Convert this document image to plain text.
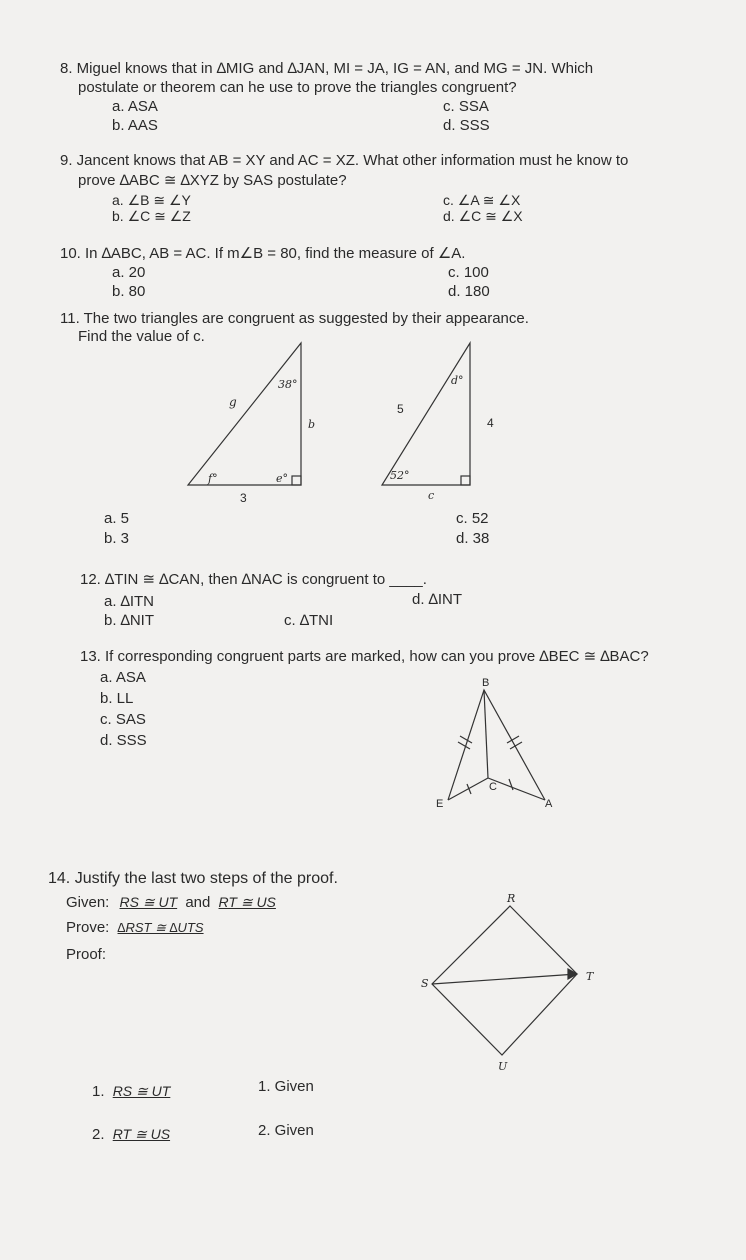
8. Miguel knows that in ∆MIG and ∆JAN, MI = JA, IG = AN, and MG = JN. Which
postulate or theorem can he use to prove the triangles congruent?
a. ASA
b. AAS
c. SSA
d. SSS
9. Jancent knows that AB = XY and AC = XZ. What other information must he know to
prove ∆ABC ≅ ∆XYZ by SAS postulate?
a. ∠B ≅ ∠Y
b. ∠C ≅ ∠Z
c. ∠A ≅ ∠X
d. ∠C ≅ ∠X
10. In ∆ABC, AB = AC. If m∠B = 80, find the measure of ∠A.
a. 20
b. 80
c. 100
d. 180
11. The two triangles are congruent as suggested by their appearance.
Find the value of c.
38°
g
b
f°	e°
3
d°
5
4
52°
c
B
C
E	A
R
S
T
U
a. 5
b. 3
c. 52
d. 38
12. ∆TIN ≅ ∆CAN, then ∆NAC is congruent to ____.
a. ∆ITN
b. ∆NIT	c. ∆TNI
d. ∆INT
13. If corresponding congruent parts are marked, how can you prove ∆BEC ≅ ∆BAC?
a. ASA
b. LL
c. SAS
d. SSS
14. Justify the last two steps of the proof.
Given: RS ≅ UT and RT ≅ US
Prove: ∆RST ≅ ∆UTS
Proof:
1. RS ≅ UT	1. Given
2. RT ≅ US	2. Given
